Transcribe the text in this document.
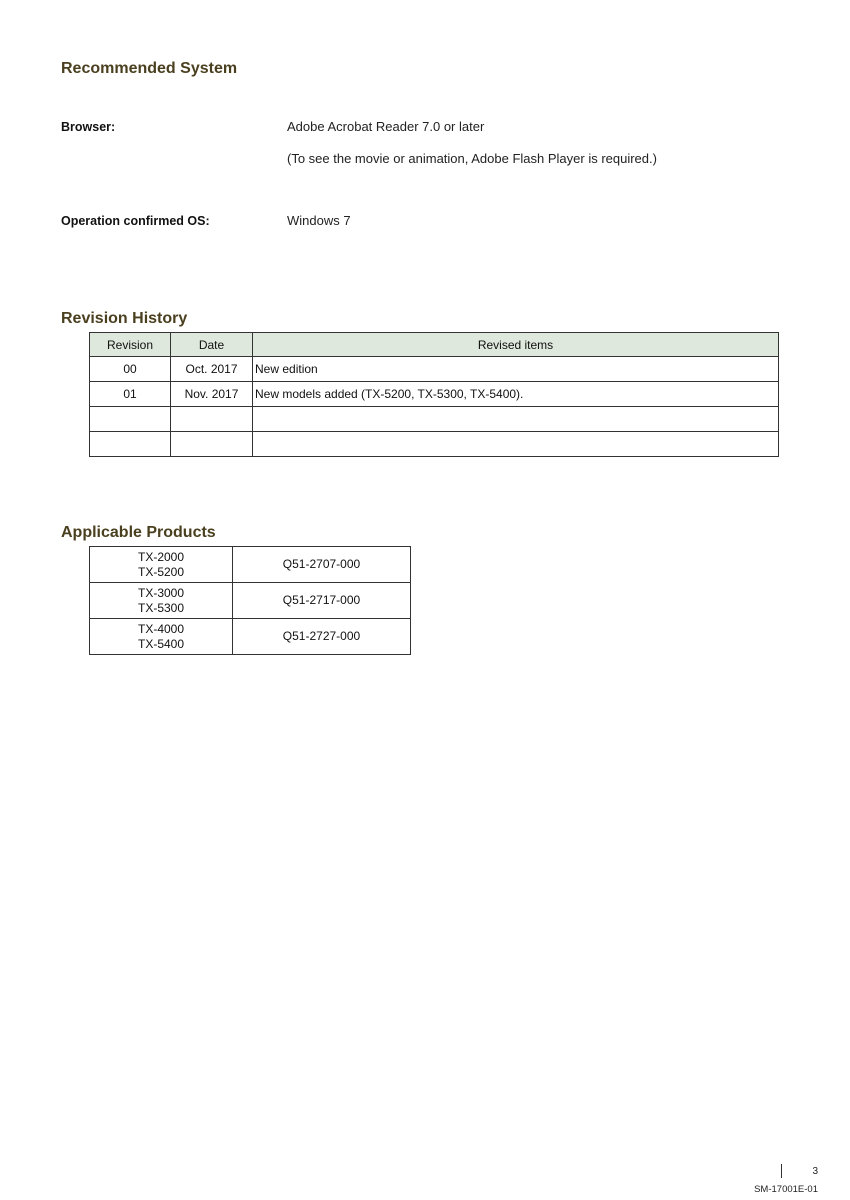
Recommended System
Browser:	Adobe Acrobat Reader 7.0 or later
(To see the movie or animation, Adobe Flash Player is required.)
Operation confirmed OS:	Windows 7
Revision History
Revision	Date	Revised items
00	Oct. 2017	New edition
01	Nov. 2017	New models added (TX-5200, TX-5300, TX-5400).

Applicable Products
TX-2000
TX-5200	Q51-2707-000

TX-3000
TX-5300	Q51-2717-000

TX-4000
TX-5400	Q51-2727-000
3
SM-17001E-01
